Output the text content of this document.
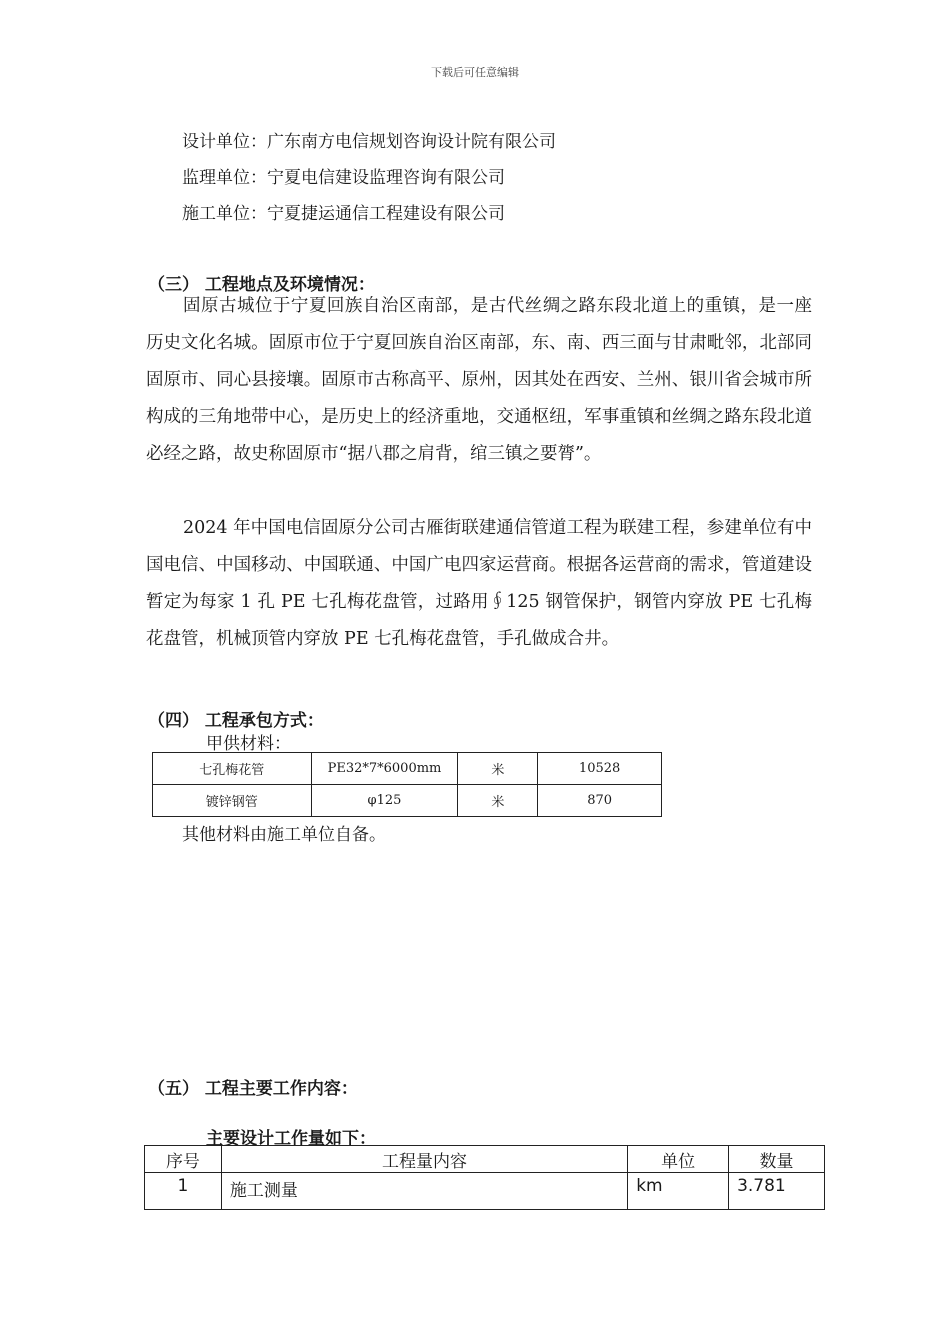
下载后可任意编辑
设计单位：广东南方电信规划咨询设计院有限公司
监理单位：宁夏电信建设监理咨询有限公司
施工单位：宁夏捷运通信工程建设有限公司
（三） 工程地点及环境情况：

固原古城位于宁夏回族自治区南部，是古代丝绸之路东段北道上的重镇，是一座历史文化名城。固原市位于宁夏回族自治区南部，东、南、西三面与甘肃毗邻，北部同固原市、同心县接壤。固原市古称高平、原州，因其处在西安、兰州、银川省会城市所构成的三角地带中心，是历史上的经济重地，交通枢纽，军事重镇和丝绸之路东段北道必经之路，故史称固原市“据八郡之肩背，绾三镇之要膂”。

2024 年中国电信固原分公司古雁街联建通信管道工程为联建工程，参建单位有中国电信、中国移动、中国联通、中国广电四家运营商。根据各运营商的需求，管道建设暂定为每家 1 孔 PE 七孔梅花盘管，过路用∮125 钢管保护，钢管内穿放 PE 七孔梅花盘管，机械顶管内穿放 PE 七孔梅花盘管，手孔做成合井。

（四） 工程承包方式：
甲供材料：
七孔梅花管	PE32*7*6000mm	米	10528
镀锌钢管	φ125	米	870
其他材料由施工单位自备。
（五） 工程主要工作内容：
主要设计工作量如下：
序号	工程量内容	单位	数量
1	施工测量	km	3.781
